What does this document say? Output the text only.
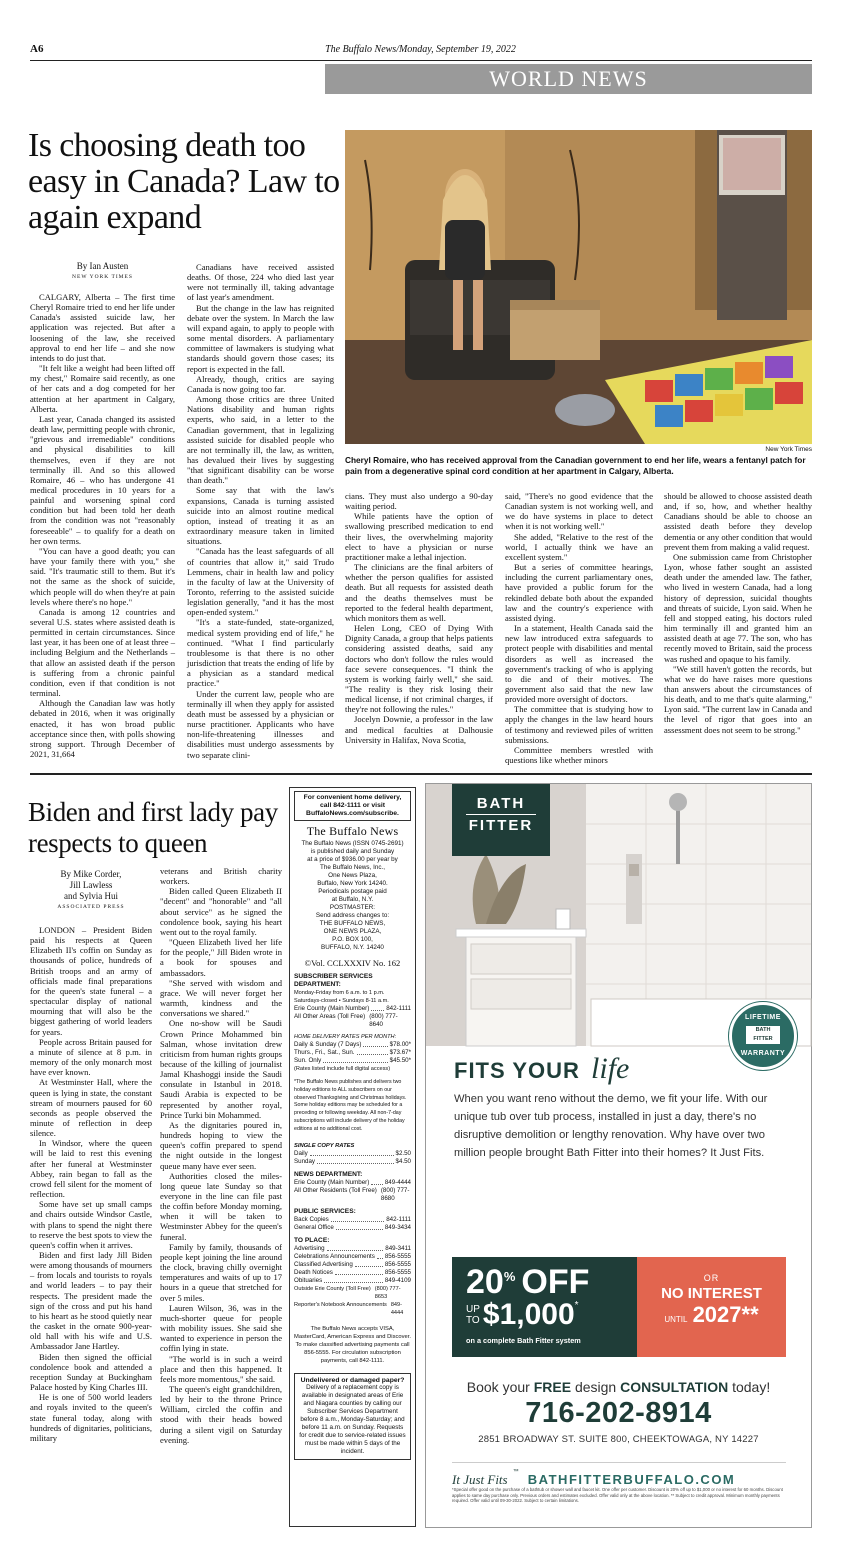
A6	The Buffalo News/Monday, September 19, 2022
WORLD NEWS
Is choosing death too easy in Canada? Law to again expand
New York Times
Cheryl Romaire, who has received approval from the Canadian government to end her life, wears a fentanyl patch for pain from a degenerative spinal cord condition at her apartment in Calgary, Alberta.
By Ian Austen
NEW YORK TIMES

CALGARY, Alberta – The first time Cheryl Romaire tried to end her life under Canada's assisted suicide law, her application was rejected. But after a loosening of the law, she received approval to end her life – and she now intends to do just that.

"It felt like a weight had been lifted off my chest," Romaire said recently, as one of her cats and a dog competed for her attention at her apartment in Calgary, Alberta.

Last year, Canada changed its assisted death law, permitting people with chronic, "grievous and irremediable" conditions and physical disabilities to kill themselves, even if they are not terminally ill. And so this allowed Romaire, 46 – who has undergone 41 medical procedures in 10 years for a painful and worsening spinal cord condition but had been told her death from the condition was not "reasonably foreseeable" – to qualify for a death on her own terms.

"You can have a good death; you can have your family there with you," she said. "It's traumatic still to them. But it's not the same as the shock of suicide, which people will do when they're at pain levels where there's no hope."

Canada is among 12 countries and several U.S. states where assisted death is permitted in certain circumstances. Since last year, it has been one of at least three – including Belgium and the Netherlands – that allow an assisted death if the person is suffering from a chronic painful condition, even if that condition is not terminal.

Although the Canadian law was hotly debated in 2016, when it was originally enacted, it has won broad public acceptance since then, with polls showing strong support. Through December of 2021, 31,664

Canadians have received assisted deaths. Of those, 224 who died last year were not terminally ill, taking advantage of last year's amendment.

But the change in the law has reignited debate over the system. In March the law will expand again, to apply to people with some mental disorders. A parliamentary committee of lawmakers is studying what standards should govern those cases; its report is expected in the fall.

Already, though, critics are saying Canada is now going too far.

Among those critics are three United Nations disability and human rights experts, who said, in a letter to the Canadian government, that in legalizing assisted suicide for disabled people who are not terminally ill, the law, as written, has devalued their lives by suggesting "that significant disability can be worse than death."

Some say that with the law's expansions, Canada is turning assisted suicide into an almost routine medical option, instead of treating it as an extraordinary measure taken in limited situations.

"Canada has the least safeguards of all of countries that allow it," said Trudo Lemmens, chair in health law and policy in the faculty of law at the University of Toronto, referring to the assisted suicide legislation generally, "and it has the most open-ended system."

"It's a state-funded, state-organized, medical system providing end of life," he continued. "What I find particularly troublesome is that there is no other jurisdiction that treats the ending of life by a physician as a standard medical practice."

Under the current law, people who are terminally ill when they apply for assisted death must be assessed by a physician or nurse practitioner. Applicants who have non-life-threatening illnesses and disabilities must undergo assessments by two separate clini-

cians. They must also undergo a 90-day waiting period.

While patients have the option of swallowing prescribed medication to end their lives, the overwhelming majority elect to have a physician or nurse practitioner make a lethal injection.

The clinicians are the final arbiters of whether the person qualifies for assisted death. But all requests for assisted death and the deaths themselves must be reported to the federal health department, which monitors them as well.

Helen Long, CEO of Dying With Dignity Canada, a group that helps patients considering assisted deaths, said any doctors who don't follow the rules would face severe consequences. "I think the system is working fairly well," she said. "The reality is they risk losing their medical license, if not criminal charges, if they're not following the rules."

Jocelyn Downie, a professor in the law and medical faculties at Dalhousie University in Halifax, Nova Scotia,

said, "There's no good evidence that the Canadian system is not working well, and we do have systems in place to detect when it is not working well."

She added, "Relative to the rest of the world, I actually think we have an excellent system."

But a series of committee hearings, including the current parliamentary ones, have provided a public forum for the rekindled debate both about the expanded law and the country's experience with assisted dying.

In a statement, Health Canada said the new law introduced extra safeguards to protect people with disabilities and mental disorders as well as increased the government's tracking of who is applying to die and of their motives. The government also said that the new law provided more oversight of doctors.

The committee that is studying how to apply the changes in the law heard hours of testimony and reviewed piles of written submissions.

Committee members wrestled with questions like whether minors

should be allowed to choose assisted death and, if so, how, and whether healthy Canadians should be able to choose an assisted death before they develop dementia or any other condition that would prevent them from making a valid request.

One submission came from Christopher Lyon, whose father sought an assisted death under the amended law. The father, who lived in western Canada, had a long history of depression, suicidal thoughts and threats of suicide, Lyon said. When he fell and stopped eating, his doctors ruled him terminally ill and granted him an assisted death at age 77. The son, who has recently moved to Britain, said the process was rushed and opaque to his family.

"We still haven't gotten the records, but what we do have raises more questions than answers about the circumstances of his death, and to me that's quite alarming," Lyon said. "The current law in Canada and the level of rigor that goes into an assessment does not seem to be strong."

Biden and first lady pay respects to queen
By Mike Corder,
Jill Lawless
and Sylvia Hui
ASSOCIATED PRESS

LONDON – President Biden paid his respects at Queen Elizabeth II's coffin on Sunday as thousands of police, hundreds of British troops and an army of officials made final preparations for the queen's state funeral – a spectacular display of national mourning that will also be the biggest gathering of world leaders for years.

People across Britain paused for a minute of silence at 8 p.m. in memory of the only monarch most have ever known.

At Westminster Hall, where the queen is lying in state, the constant stream of mourners paused for 60 seconds as people observed the minute of reflection in deep silence.

In Windsor, where the queen will be laid to rest this evening after her funeral at Westminster Abbey, rain began to fall as the crowd fell silent for the moment of reflection.

Some have set up small camps and chairs outside Windsor Castle, with plans to spend the night there to reserve the best spots to view the queen's coffin when it arrives.

Biden and first lady Jill Biden were among thousands of mourners – from locals and tourists to royals and world leaders – to pay their respects. The president made the sign of the cross and put his hand to his heart as he stood quietly near the casket in the ornate 900-year-old hall with his wife and U.S. Ambassador Jane Hartley.

Biden then signed the official condolence book and attended a reception Sunday at Buckingham Palace hosted by King Charles III.

He is one of 500 world leaders and royals invited to the queen's state funeral today, along with hundreds of dignitaries, politicians, military

veterans and British charity workers.

Biden called Queen Elizabeth II "decent" and "honorable" and "all about service" as he signed the condolence book, saying his heart went out to the royal family.

"Queen Elizabeth lived her life for the people," Jill Biden wrote in a book for spouses and ambassadors.

"She served with wisdom and grace. We will never forget her warmth, kindness and the conversations we shared."

One no-show will be Saudi Crown Prince Mohammed bin Salman, whose invitation drew criticism from human rights groups because of the killing of journalist Jamal Khashoggi inside the Saudi consulate in Istanbul in 2018. Saudi Arabia is expected to be represented by another royal, Prince Turki bin Mohammed.

As the dignitaries poured in, hundreds hoping to view the queen's coffin prepared to spend the night outside in the longest queue many have ever seen.

Authorities closed the miles-long queue late Sunday so that everyone in the line can file past the coffin before Monday morning, when it will be taken to Westminster Abbey for the queen's funeral.

Family by family, thousands of people kept joining the line around the clock, braving chilly overnight temperatures and waits of up to 17 hours in a queue that stretched for over 5 miles.

Lauren Wilson, 36, was in the much-shorter queue for people with mobility issues. She said she wanted to experience in person the coffin lying in state.

"The world is in such a weird place and then this happened. It feels more momentous," she said.

The queen's eight grandchildren, led by heir to the throne Prince William, circled the coffin and stood with their heads bowed during a silent vigil on Saturday evening.

For convenient home delivery, call 842-1111 or visit BuffaloNews.com/subscribe.
The Buffalo News
The Buffalo News (ISSN 0745-2691)
is published daily and Sunday
at a price of $936.00 per year by
The Buffalo News, Inc.,
One News Plaza,
Buffalo, New York 14240.
Periodicals postage paid
at Buffalo, N.Y.
POSTMASTER:
Send address changes to:
THE BUFFALO NEWS,
ONE NEWS PLAZA,
P.O. BOX 100,
BUFFALO, N.Y. 14240
©Vol. CCLXXXIV No. 162
SUBSCRIBER SERVICES DEPARTMENT:
Monday-Friday from 6 a.m. to 1 p.m.
Saturdays-closed • Sundays 8-11 a.m.
Erie County (Main Number)	842-1111
All Other Areas (Toll Free) (800) 777-8640
HOME DELIVERY RATES PER MONTH:
Daily & Sunday (7 Days)	$78.00*
Thurs., Fri., Sat., Sun.	$73.67*
Sun. Only	$45.50*
(Rates listed include full digital access)
*The Buffalo News publishes and delivers two holiday editions to ALL subscribers on our observed Thanksgiving and Christmas holidays. Some holiday editions may be scheduled for a preceding or following weekday. All non-7-day subscriptions will include delivery of the holiday editions at no additional cost.
SINGLE COPY RATES
Daily	$2.50
Sunday	$4.50
NEWS DEPARTMENT:
Erie County (Main Number)	849-4444
All Other Residents (Toll Free) (800) 777-8680
PUBLIC SERVICES:
Back Copies	842-1111
General Office	849-3434
TO PLACE:
Advertising	849-3411
Celebrations Announcements 856-5555
Classified Advertising	856-5555
Death Notices	856-5555
Obituaries	849-4109
Outside Erie County (Toll Free) (800) 777-8653
Reporter's Notebook Announcements 849-4444
The Buffalo News accepts VISA, MasterCard, American Express and Discover. To make classified advertising payments call 856-5555. For circulation subscription payments, call 842-1111.
Undelivered or damaged paper?
Delivery of a replacement copy is available in designated areas of Erie and Niagara counties by calling our Subscriber Services Department before 8 a.m., Monday-Saturday; and before 11 a.m. on Sunday. Requests for credit due to service-related issues must be made within 5 days of the incident.
BATH
FITTER
LIFETIME
BATH FITTER
WARRANTY
FITS YOUR life
When you want reno without the demo, we fit your life. With our unique tub over tub process, installed in just a day, there's no disruptive demolition or lengthy renovation. Why have over two million people brought Bath Fitter into their homes? It Just Fits.
20 % OFF
UP
TO $1,000 *
on a complete Bath Fitter system
OR
NO INTEREST
UNTIL 2027**
Book your FREE design CONSULTATION today!
716-202-8914
2851 BROADWAY ST. SUITE 800, CHEEKTOWAGA, NY 14227
It Just Fits ™ BATHFITTERBUFFALO.COM
*Special offer good on the purchase of a bathtub or shower wall and faucet kit. One offer per customer. Discount is 20% off up to $1,000 or no interest for 60 months. Discount applies to same day purchase only. Previous orders and estimates excluded. Offer valid only at the above location. ** Subject to credit approval. Minimum monthly payments required. Offer valid until 09-30-2022. Subject to certain limitations.
